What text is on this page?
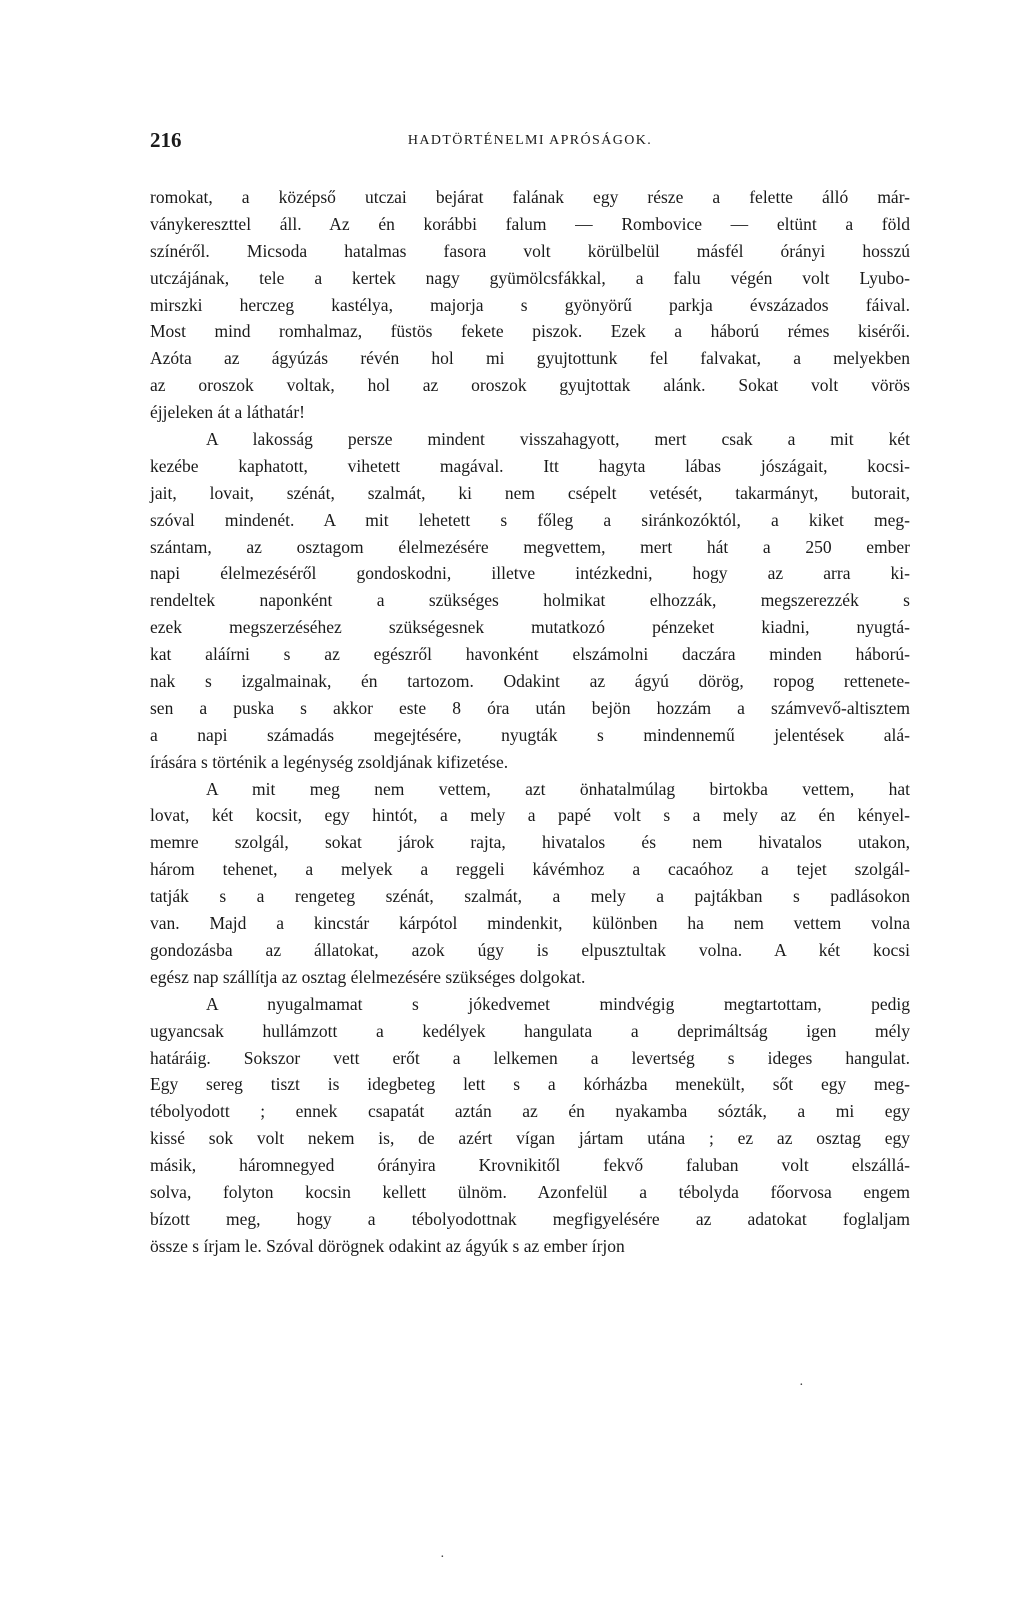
216	HADTÖRTÉNELMI APRÓSÁGOK.
romokat, a középső utczai bejárat falának egy része a felette álló már-
ványkereszttel áll. Az én korábbi falum — Rombovice — eltünt a föld
színéről. Micsoda hatalmas fasora volt körülbelül másfél órányi hosszú
utczájának, tele a kertek nagy gyümölcsfákkal, a falu végén volt Lyubo-
mirszki herczeg kastélya, majorja s gyönyörű parkja évszázados fáival.
Most mind romhalmaz, füstös fekete piszok. Ezek a háború rémes kisérői.
Azóta az ágyúzás révén hol mi gyujtottunk fel falvakat, a melyekben
az oroszok voltak, hol az oroszok gyujtottak alánk. Sokat volt vörös
éjjeleken át a láthatár!
A lakosság persze mindent visszahagyott, mert csak a mit két
kezébe kaphatott, vihetett magával. Itt hagyta lábas jószágait, kocsi-
jait, lovait, szénát, szalmát, ki nem csépelt vetését, takarmányt, butorait,
szóval mindenét. A mit lehetett s főleg a siránkozóktól, a kiket meg-
szántam, az osztagom élelmezésére megvettem, mert hát a 250 ember
napi élelmezéséről gondoskodni, illetve intézkedni, hogy az arra ki-
rendeltek naponként a szükséges holmikat elhozzák, megszerezzék s
ezek megszerzéséhez szükségesnek mutatkozó pénzeket kiadni, nyugtá-
kat aláírni s az egészről havonként elszámolni daczára minden háború-
nak s izgalmainak, én tartozom. Odakint az ágyú dörög, ropog rettenete-
sen a puska s akkor este 8 óra után bejön hozzám a számvevő-altisztem
a napi számadás megejtésére, nyugták s mindennemű jelentések alá-
írására s történik a legénység zsoldjának kifizetése.
A mit meg nem vettem, azt önhatalmúlag birtokba vettem, hat
lovat, két kocsit, egy hintót, a mely a papé volt s a mely az én kényel-
memre szolgál, sokat járok rajta, hivatalos és nem hivatalos utakon,
három tehenet, a melyek a reggeli kávémhoz a cacaóhoz a tejet szolgál-
tatják s a rengeteg szénát, szalmát, a mely a pajtákban s padlásokon
van. Majd a kincstár kárpótol mindenkit, különben ha nem vettem volna
gondozásba az állatokat, azok úgy is elpusztultak volna. A két kocsi
egész nap szállítja az osztag élelmezésére szükséges dolgokat.
A nyugalmamat s jókedvemet mindvégig megtartottam, pedig
ugyancsak hullámzott a kedélyek hangulata a deprimáltság igen mély
határáig. Sokszor vett erőt a lelkemen a levertség s ideges hangulat.
Egy sereg tiszt is idegbeteg lett s a kórházba menekült, sőt egy meg-
tébolyodott ; ennek csapatát aztán az én nyakamba sózták, a mi egy
kissé sok volt nekem is, de azért vígan jártam utána ; ez az osztag egy
másik, háromnegyed órányira Krovnikitől fekvő faluban volt elszállá-
solva, folyton kocsin kellett ülnöm. Azonfelül a tébolyda főorvosa engem
bízott meg, hogy a tébolyodottnak megfigyelésére az adatokat foglaljam
össze s írjam le. Szóval dörögnek odakint az ágyúk s az ember írjon
·
·
